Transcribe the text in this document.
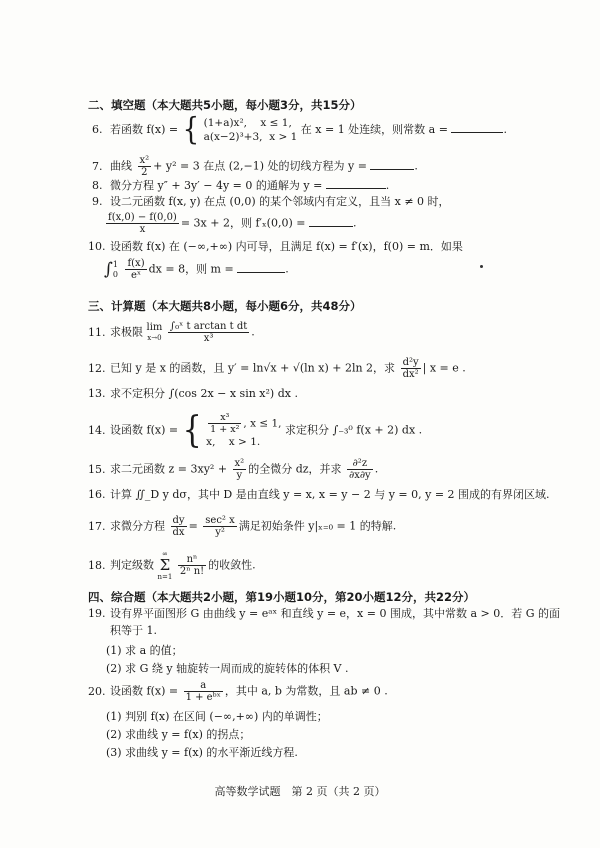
二、填空题（本大题共5小题，每小题3分，共15分）
6. 若函数 f(x) = { (1+a)x², x ≤ 1,
a(x−2)³+3, x > 1 在 x = 1 处连续，则常数 a =	.
7. 曲线 $\frac{\text{x²}}{2} + y^2 = 3$ 在点 (2,−1) 处的切线方程为 y =	.
8. 微分方程 y″ + 3y′ − 4y = 0 的通解为 y =	.
9. 设二元函数 f(x, y) 在点 (0,0) 的某个邻域内有定义，且当 x ≠ 0 时，
$\frac{f(x,0) - f(0,0)}{x} = 3x + 2$，则 f′ₓ(0,0) =	.
10. 设函数 f(x) 在 (−∞,+∞) 内可导，且满足 f(x) = f′(x)，f(0) = m．如果
∫ 1
0
$\frac{f(x)}{\text{eˣ}}$ dx = 8，则 m =	.
三、计算题（本大题共8小题，每小题6分，共48分）
11. 求极限 lim
x→0
$\frac{\text{∫₀ˣ t arctan t dt}}{\text{x³}}$ .
12. 已知 y 是 x 的函数，且 y′ = ln√x + √(ln x) + 2ln 2，求 $\frac{\text{d²y}}{\text{dx²}}$ | x = e .
13. 求不定积分 ∫(cos 2x − x sin x²) dx .
14. 设函数 f(x) = { $\frac{\text{x³}}{\text{1 + x²}}$ , x ≤ 1,
x, x > 1. 求定积分 ∫₋₃⁰ f(x + 2) dx .
15. 求二元函数 $z = 3xy^2 + \frac{\text{x²}}{y}$ 的全微分 dz，并求 $\frac{\text{∂²z}}{\partial x\partial y}$ .
16. 计算 ∬_D y dσ，其中 D 是由直线 y = x, x = y − 2 与 y = 0, y = 2 围成的有界闭区域.
17. 求微分方程 $\frac{dy}{dx} = \frac{\text{sec² x}}{\text{y²}}$ 满足初始条件 y|ₓ₌₀ = 1 的特解.
18. 判定级数
∞
Σ
n=1
$\frac{\text{nⁿ}}{\text{2ⁿ n!}}$ 的收敛性.
四、综合题（本大题共2小题，第19小题10分，第20小题12分，共22分）
19. 设有界平面图形 G 由曲线 y = eᵃˣ 和直线 y = e，x = 0 围成，其中常数 a > 0．若 G 的面
积等于 1.
(1) 求 a 的值；
(2) 求 G 绕 y 轴旋转一周而成的旋转体的体积 V .
20. 设函数 $f(x) = \frac{a}{\text{1 + eᵇˣ}}$ ，其中 a, b 为常数，且 ab ≠ 0 .
(1) 判别 f(x) 在区间 (−∞,+∞) 内的单调性；
(2) 求曲线 y = f(x) 的拐点；
(3) 求曲线 y = f(x) 的水平渐近线方程.
高等数学试题　第 2 页（共 2 页）
